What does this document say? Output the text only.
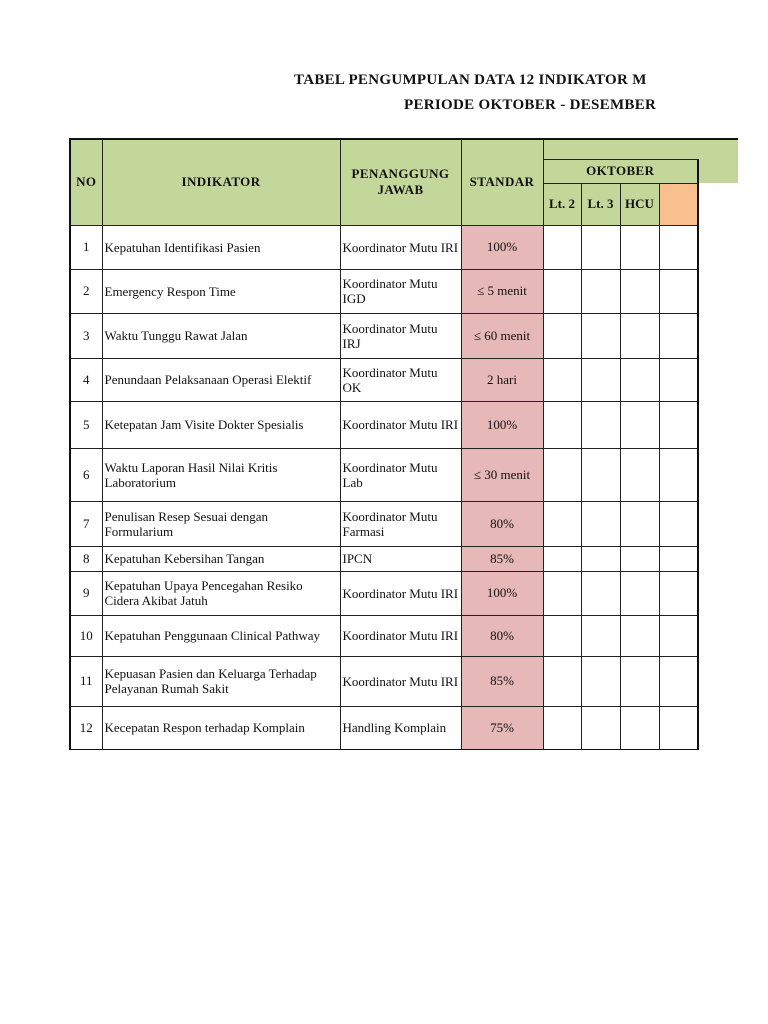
TABEL PENGUMPULAN DATA 12 INDIKATOR M
PERIODE OKTOBER - DESEMBER
NO	INDIKATOR	PENANGGUNG JAWAB	STANDAR					
				OKTOBER				
				Lt. 2	Lt. 3	HCU		
1	Kepatuhan Identifikasi Pasien	Koordinator Mutu IRI	100%					
2	Emergency Respon Time	Koordinator Mutu IGD	≤ 5 menit					
3	Waktu Tunggu Rawat Jalan	Koordinator Mutu IRJ	≤ 60 menit					
4	Penundaan Pelaksanaan Operasi Elektif	Koordinator Mutu OK	2 hari					
5	Ketepatan Jam Visite Dokter Spesialis	Koordinator Mutu IRI	100%					
6	Waktu Laporan Hasil Nilai Kritis Laboratorium	Koordinator Mutu Lab	≤ 30 menit					
7	Penulisan Resep Sesuai dengan Formularium	Koordinator Mutu Farmasi	80%					
8	Kepatuhan Kebersihan Tangan	IPCN	85%					
9	Kepatuhan Upaya Pencegahan Resiko Cidera Akibat Jatuh	Koordinator Mutu IRI	100%					
10	Kepatuhan Penggunaan Clinical Pathway	Koordinator Mutu IRI	80%					
11	Kepuasan Pasien dan Keluarga Terhadap Pelayanan Rumah Sakit	Koordinator Mutu IRI	85%					
12	Kecepatan Respon terhadap Komplain	Handling Komplain	75%					
